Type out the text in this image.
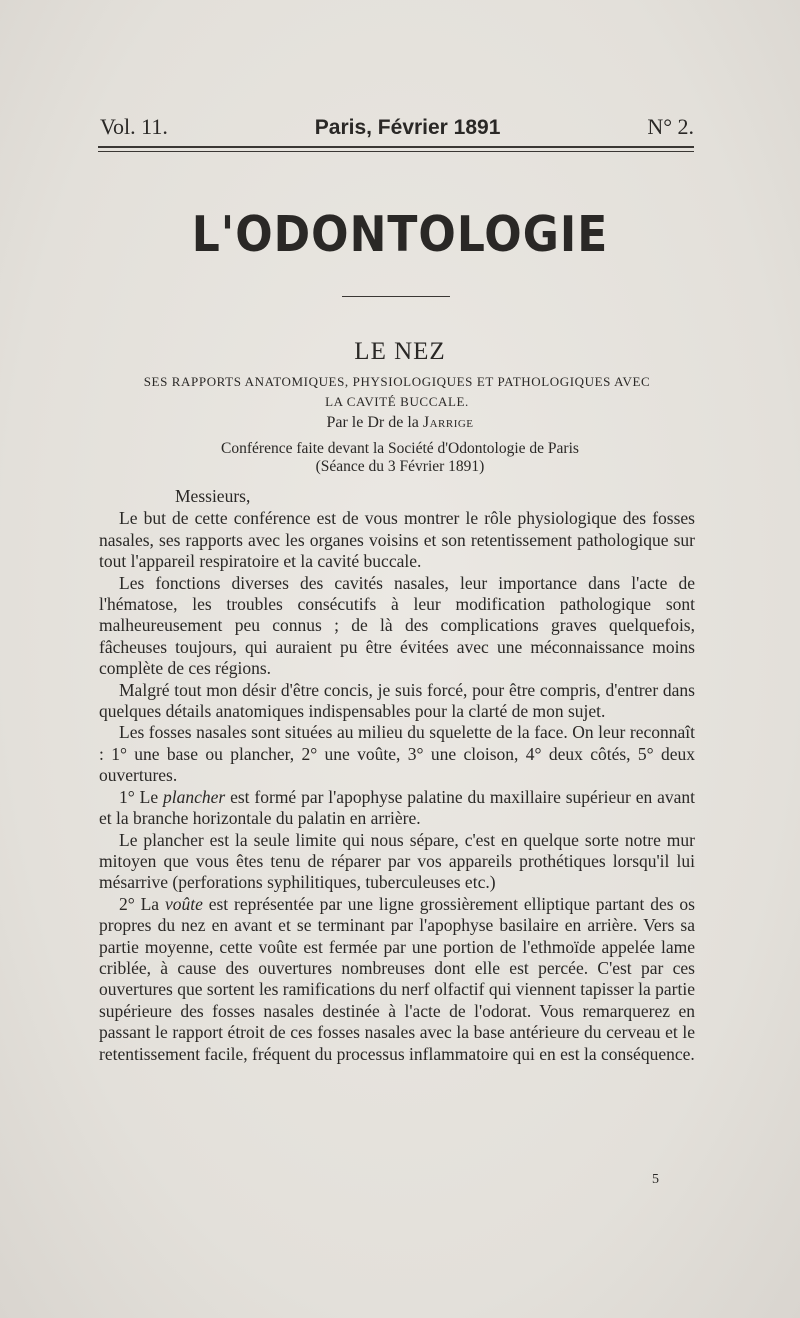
Vol. 11.	Paris, Février 1891	N° 2.
L'ODONTOLOGIE
LE NEZ
SES RAPPORTS ANATOMIQUES, PHYSIOLOGIQUES ET PATHOLOGIQUES AVEC
LA CAVITÉ BUCCALE.
Par le Dr de la Jarrige
Conférence faite devant la Société d'Odontologie de Paris
(Séance du 3 Février 1891)

Messieurs,

Le but de cette conférence est de vous montrer le rôle physiologique des fosses nasales, ses rapports avec les organes voisins et son retentissement pathologique sur tout l'appareil respiratoire et la cavité buccale.

Les fonctions diverses des cavités nasales, leur importance dans l'acte de l'hématose, les troubles consécutifs à leur modification pathologique sont malheureusement peu connus ; de là des complications graves quelquefois, fâcheuses toujours, qui auraient pu être évitées avec une méconnaissance moins complète de ces régions.

Malgré tout mon désir d'être concis, je suis forcé, pour être compris, d'entrer dans quelques détails anatomiques indispensables pour la clarté de mon sujet.

Les fosses nasales sont situées au milieu du squelette de la face. On leur reconnaît : 1° une base ou plancher, 2° une voûte, 3° une cloison, 4° deux côtés, 5° deux ouvertures.

1° Le plancher est formé par l'apophyse palatine du maxillaire supérieur en avant et la branche horizontale du palatin en arrière.

Le plancher est la seule limite qui nous sépare, c'est en quelque sorte notre mur mitoyen que vous êtes tenu de réparer par vos appareils prothétiques lorsqu'il lui mésarrive (perforations syphilitiques, tuberculeuses etc.)

2° La voûte est représentée par une ligne grossièrement elliptique partant des os propres du nez en avant et se terminant par l'apophyse basilaire en arrière. Vers sa partie moyenne, cette voûte est fermée par une portion de l'ethmoïde appelée lame criblée, à cause des ouvertures nombreuses dont elle est percée. C'est par ces ouvertures que sortent les ramifications du nerf olfactif qui viennent tapisser la partie supérieure des fosses nasales destinée à l'acte de l'odorat. Vous remarquerez en passant le rapport étroit de ces fosses nasales avec la base antérieure du cerveau et le retentissement facile, fréquent du processus inflammatoire qui en est la conséquence.

5
